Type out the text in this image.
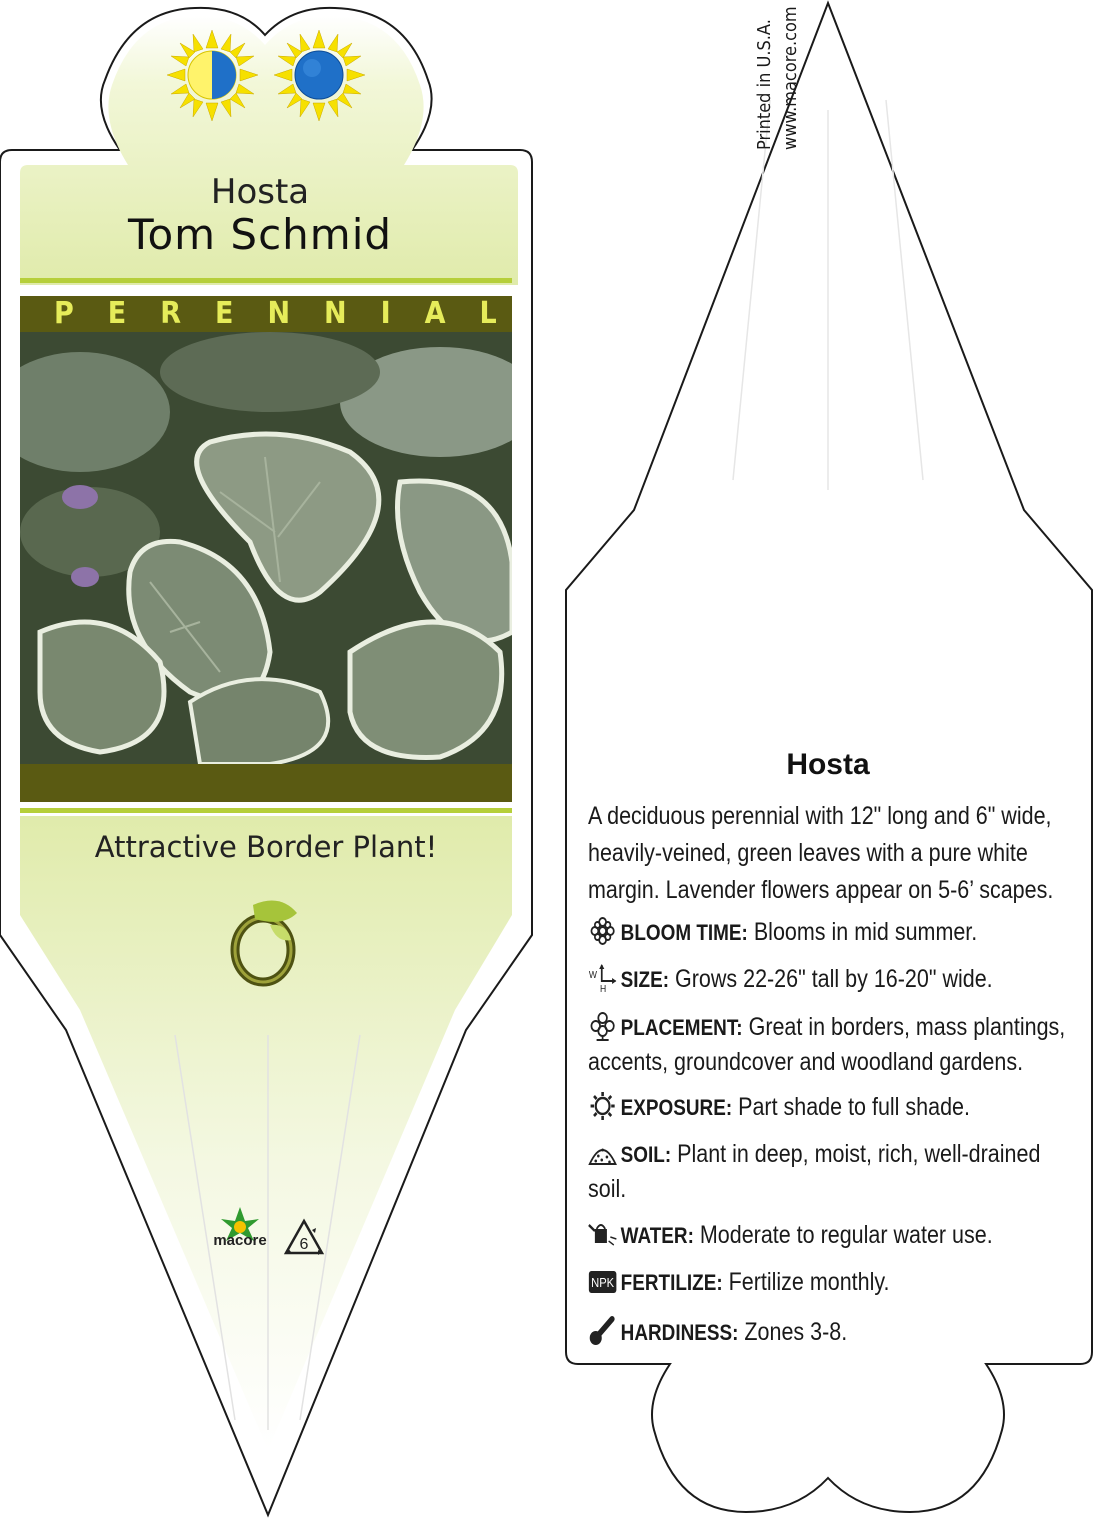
Hosta
Tom Schmid
PERENNIAL
Attractive Border Plant!
macore 6
Printed in U.S.A. www.macore.com
Hosta
A deciduous perennial with 12" long and 6" wide, heavily-veined, green leaves with a pure white margin. Lavender flowers appear on 5-6’ scapes.
BLOOM TIME: Blooms in mid summer.
W
H SIZE: Grows 22-26" tall by 16-20" wide.
PLACEMENT: Great in borders, mass plantings, accents, groundcover and woodland gardens.
EXPOSURE: Part shade to full shade.
SOIL: Plant in deep, moist, rich, well-drained soil.
WATER: Moderate to regular water use.
NPK FERTILIZE: Fertilize monthly.
HARDINESS: Zones 3-8.
